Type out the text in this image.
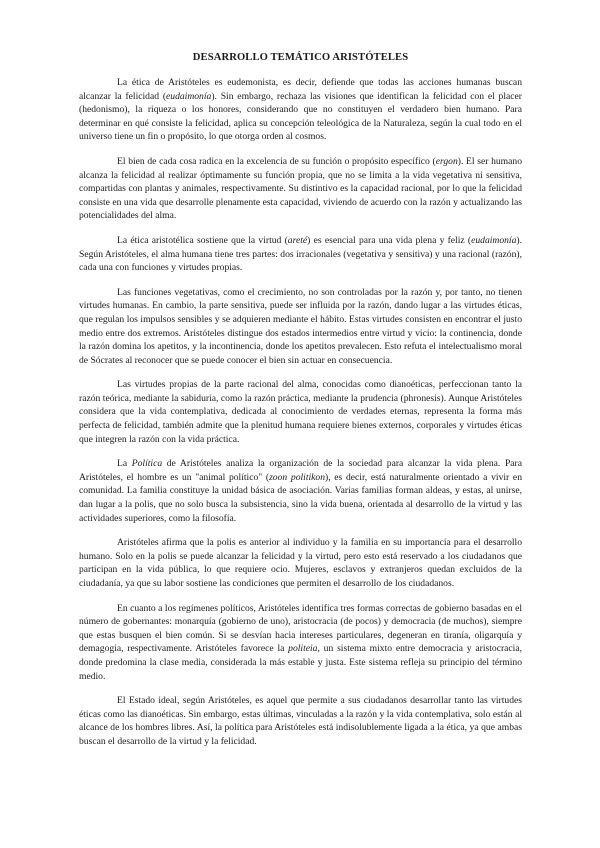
DESARROLLO TEMÁTICO ARISTÓTELES

La ética de Aristóteles es eudemonista, es decir, defiende que todas las acciones humanas buscan alcanzar la felicidad (eudaimonía). Sin embargo, rechaza las visiones que identifican la felicidad con el placer (hedonismo), la riqueza o los honores, considerando que no constituyen el verdadero bien humano. Para determinar en qué consiste la felicidad, aplica su concepción teleológica de la Naturaleza, según la cual todo en el universo tiene un fin o propósito, lo que otorga orden al cosmos.

El bien de cada cosa radica en la excelencia de su función o propósito específico (ergon). El ser humano alcanza la felicidad al realizar óptimamente su función propia, que no se limita a la vida vegetativa ni sensitiva, compartidas con plantas y animales, respectivamente. Su distintivo es la capacidad racional, por lo que la felicidad consiste en una vida que desarrolle plenamente esta capacidad, viviendo de acuerdo con la razón y actualizando las potencialidades del alma.

La ética aristotélica sostiene que la virtud (areté) es esencial para una vida plena y feliz (eudaimonía). Según Aristóteles, el alma humana tiene tres partes: dos irracionales (vegetativa y sensitiva) y una racional (razón), cada una con funciones y virtudes propias.

Las funciones vegetativas, como el crecimiento, no son controladas por la razón y, por tanto, no tienen virtudes humanas. En cambio, la parte sensitiva, puede ser influida por la razón, dando lugar a las virtudes éticas, que regulan los impulsos sensibles y se adquieren mediante el hábito. Estas virtudes consisten en encontrar el justo medio entre dos extremos. Aristóteles distingue dos estados intermedios entre virtud y vicio: la continencia, donde la razón domina los apetitos, y la incontinencia, donde los apetitos prevalecen. Esto refuta el intelectualismo moral de Sócrates al reconocer que se puede conocer el bien sin actuar en consecuencia.

Las virtudes propias de la parte racional del alma, conocidas como dianoéticas, perfeccionan tanto la razón teórica, mediante la sabiduría, como la razón práctica, mediante la prudencia (phronesis). Aunque Aristóteles considera que la vida contemplativa, dedicada al conocimiento de verdades eternas, representa la forma más perfecta de felicidad, también admite que la plenitud humana requiere bienes externos, corporales y virtudes éticas que integren la razón con la vida práctica.

La Política de Aristóteles analiza la organización de la sociedad para alcanzar la vida plena. Para Aristóteles, el hombre es un "animal político" (zoon politikon), es decir, está naturalmente orientado a vivir en comunidad. La familia constituye la unidad básica de asociación. Varias familias forman aldeas, y estas, al unirse, dan lugar a la polis, que no solo busca la subsistencia, sino la vida buena, orientada al desarrollo de la virtud y las actividades superiores, como la filosofía.

Aristóteles afirma que la polis es anterior al individuo y la familia en su importancia para el desarrollo humano. Solo en la polis se puede alcanzar la felicidad y la virtud, pero esto está reservado a los ciudadanos que participan en la vida pública, lo que requiere ocio. Mujeres, esclavos y extranjeros quedan excluidos de la ciudadanía, ya que su labor sostiene las condiciones que permiten el desarrollo de los ciudadanos.

En cuanto a los regímenes políticos, Aristóteles identifica tres formas correctas de gobierno basadas en el número de gobernantes: monarquía (gobierno de uno), aristocracia (de pocos) y democracia (de muchos), siempre que estas busquen el bien común. Si se desvían hacia intereses particulares, degeneran en tiranía, oligarquía y demagogia, respectivamente. Aristóteles favorece la politeia, un sistema mixto entre democracia y aristocracia, donde predomina la clase media, considerada la más estable y justa. Este sistema refleja su principio del término medio.

El Estado ideal, según Aristóteles, es aquel que permite a sus ciudadanos desarrollar tanto las virtudes éticas como las dianoéticas. Sin embargo, estas últimas, vinculadas a la razón y la vida contemplativa, solo están al alcance de los hombres libres. Así, la política para Aristóteles está indisolublemente ligada a la ética, ya que ambas buscan el desarrollo de la virtud y la felicidad.
